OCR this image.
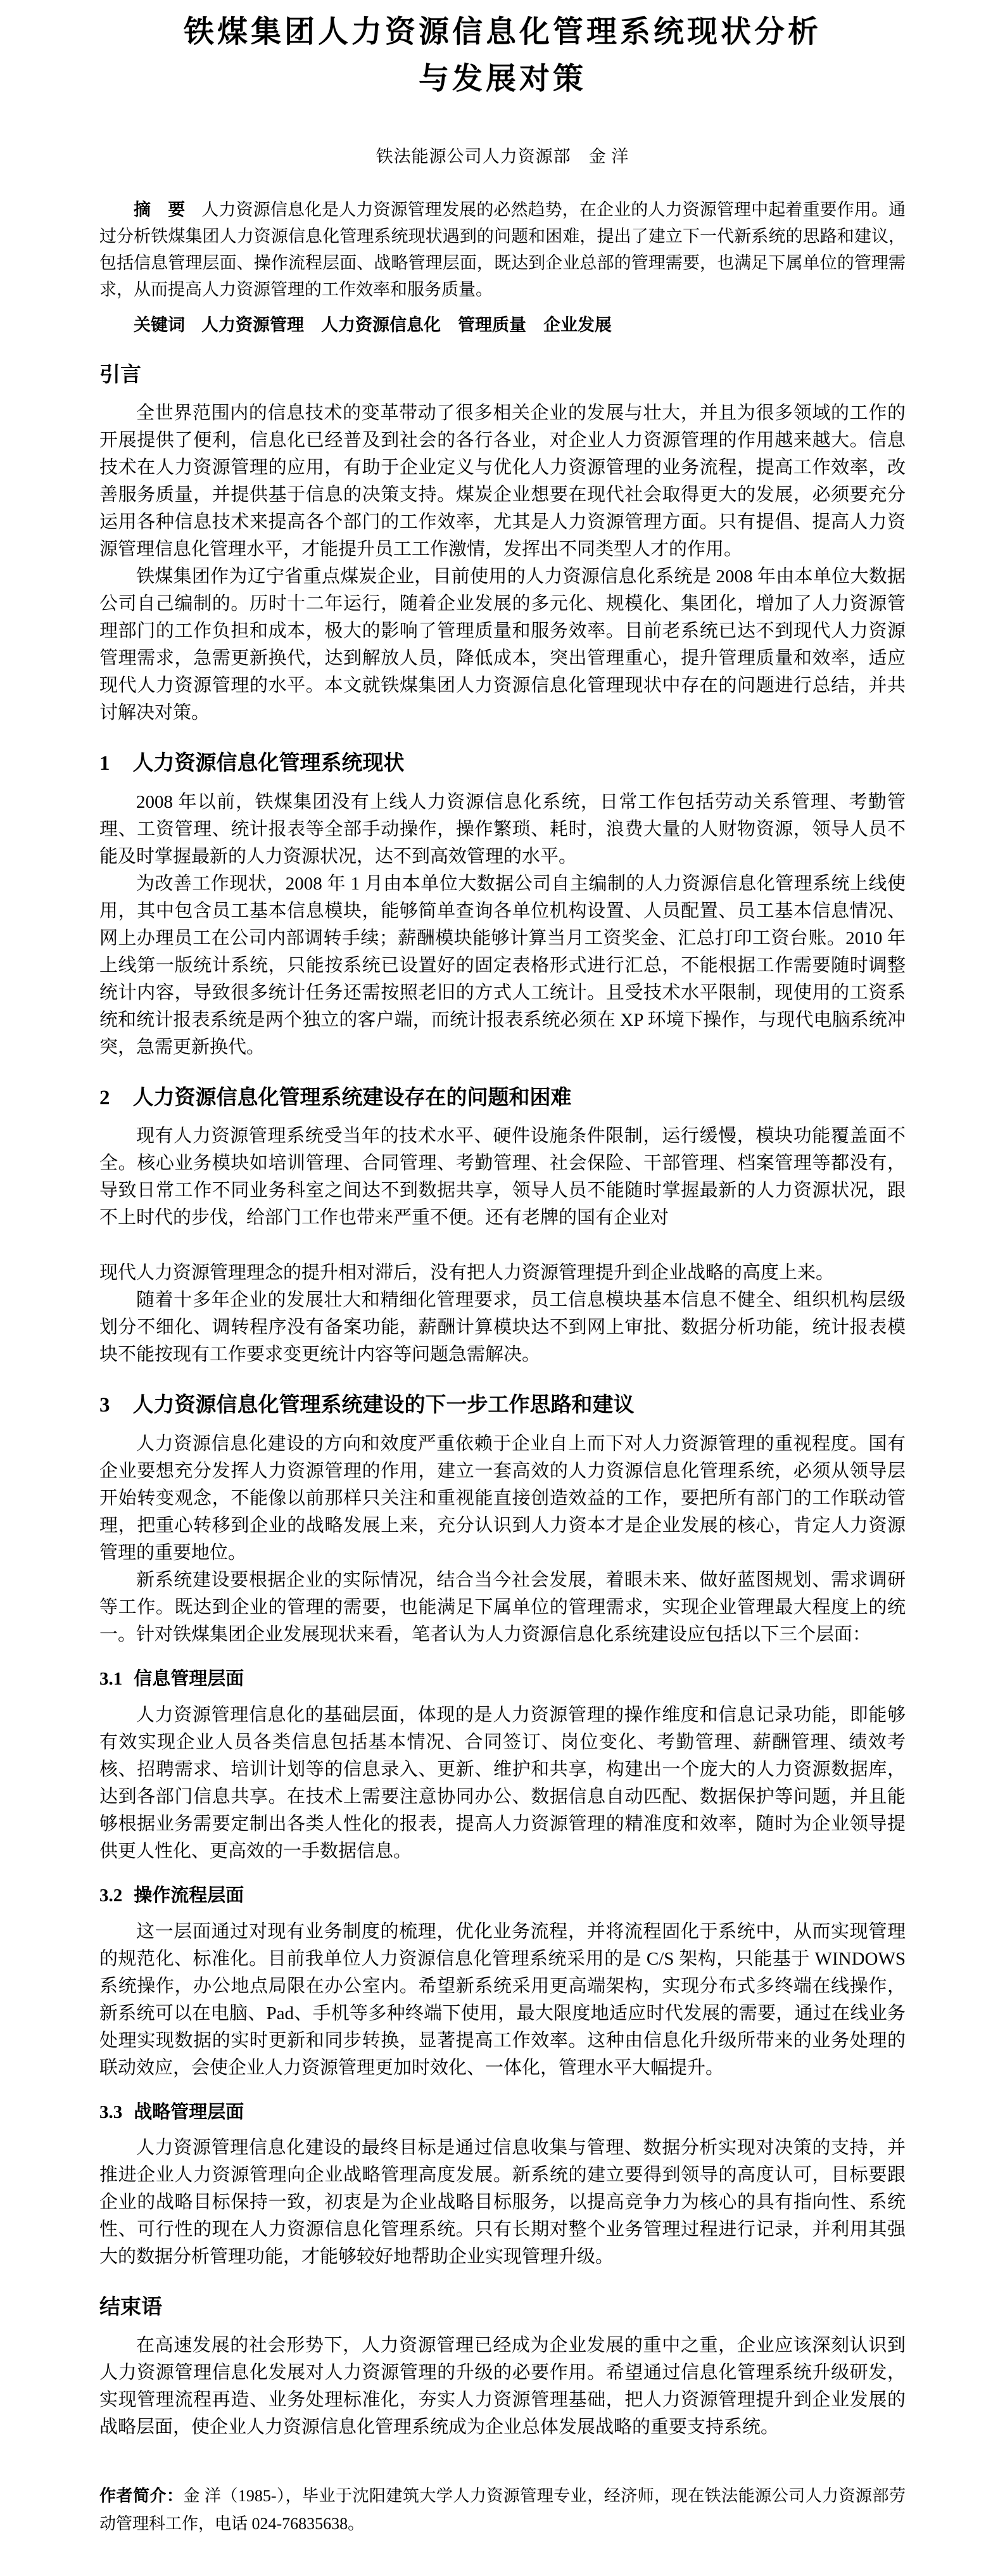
铁煤集团人力资源信息化管理系统现状分析与发展对策
铁法能源公司人力资源部　金 洋

摘　要 人力资源信息化是人力资源管理发展的必然趋势，在企业的人力资源管理中起着重要作用。通过分析铁煤集团人力资源信息化管理系统现状遇到的问题和困难，提出了建立下一代新系统的思路和建议，包括信息管理层面、操作流程层面、战略管理层面，既达到企业总部的管理需要，也满足下属单位的管理需求，从而提高人力资源管理的工作效率和服务质量。

关键词 人力资源管理　人力资源信息化　管理质量　企业发展

引言

全世界范围内的信息技术的变革带动了很多相关企业的发展与壮大，并且为很多领域的工作的开展提供了便利，信息化已经普及到社会的各行各业，对企业人力资源管理的作用越来越大。信息技术在人力资源管理的应用，有助于企业定义与优化人力资源管理的业务流程，提高工作效率，改善服务质量，并提供基于信息的决策支持。煤炭企业想要在现代社会取得更大的发展，必须要充分运用各种信息技术来提高各个部门的工作效率，尤其是人力资源管理方面。只有提倡、提高人力资源管理信息化管理水平，才能提升员工工作激情，发挥出不同类型人才的作用。

铁煤集团作为辽宁省重点煤炭企业，目前使用的人力资源信息化系统是 2008 年由本单位大数据公司自己编制的。历时十二年运行，随着企业发展的多元化、规模化、集团化，增加了人力资源管理部门的工作负担和成本，极大的影响了管理质量和服务效率。目前老系统已达不到现代人力资源管理需求，急需更新换代，达到解放人员，降低成本，突出管理重心，提升管理质量和效率，适应现代人力资源管理的水平。本文就铁煤集团人力资源信息化管理现状中存在的问题进行总结，并共讨解决对策。

1 人力资源信息化管理系统现状

2008 年以前，铁煤集团没有上线人力资源信息化系统，日常工作包括劳动关系管理、考勤管理、工资管理、统计报表等全部手动操作，操作繁琐、耗时，浪费大量的人财物资源，领导人员不能及时掌握最新的人力资源状况，达不到高效管理的水平。

为改善工作现状，2008 年 1 月由本单位大数据公司自主编制的人力资源信息化管理系统上线使用，其中包含员工基本信息模块，能够简单查询各单位机构设置、人员配置、员工基本信息情况、网上办理员工在公司内部调转手续；薪酬模块能够计算当月工资奖金、汇总打印工资台账。2010 年上线第一版统计系统，只能按系统已设置好的固定表格形式进行汇总，不能根据工作需要随时调整统计内容，导致很多统计任务还需按照老旧的方式人工统计。且受技术水平限制，现使用的工资系统和统计报表系统是两个独立的客户端，而统计报表系统必须在 XP 环境下操作，与现代电脑系统冲突，急需更新换代。

2 人力资源信息化管理系统建设存在的问题和困难

现有人力资源管理系统受当年的技术水平、硬件设施条件限制，运行缓慢，模块功能覆盖面不全。核心业务模块如培训管理、合同管理、考勤管理、社会保险、干部管理、档案管理等都没有，导致日常工作不同业务科室之间达不到数据共享，领导人员不能随时掌握最新的人力资源状况，跟不上时代的步伐，给部门工作也带来严重不便。还有老牌的国有企业对

现代人力资源管理理念的提升相对滞后，没有把人力资源管理提升到企业战略的高度上来。

随着十多年企业的发展壮大和精细化管理要求，员工信息模块基本信息不健全、组织机构层级划分不细化、调转程序没有备案功能，薪酬计算模块达不到网上审批、数据分析功能，统计报表模块不能按现有工作要求变更统计内容等问题急需解决。

3 人力资源信息化管理系统建设的下一步工作思路和建议

人力资源信息化建设的方向和效度严重依赖于企业自上而下对人力资源管理的重视程度。国有企业要想充分发挥人力资源管理的作用，建立一套高效的人力资源信息化管理系统，必须从领导层开始转变观念，不能像以前那样只关注和重视能直接创造效益的工作，要把所有部门的工作联动管理，把重心转移到企业的战略发展上来，充分认识到人力资本才是企业发展的核心，肯定人力资源管理的重要地位。

新系统建设要根据企业的实际情况，结合当今社会发展，着眼未来、做好蓝图规划、需求调研等工作。既达到企业的管理的需要，也能满足下属单位的管理需求，实现企业管理最大程度上的统一。针对铁煤集团企业发展现状来看，笔者认为人力资源信息化系统建设应包括以下三个层面：

3.1 信息管理层面

人力资源管理信息化的基础层面，体现的是人力资源管理的操作维度和信息记录功能，即能够有效实现企业人员各类信息包括基本情况、合同签订、岗位变化、考勤管理、薪酬管理、绩效考核、招聘需求、培训计划等的信息录入、更新、维护和共享，构建出一个庞大的人力资源数据库，达到各部门信息共享。在技术上需要注意协同办公、数据信息自动匹配、数据保护等问题，并且能够根据业务需要定制出各类人性化的报表，提高人力资源管理的精准度和效率，随时为企业领导提供更人性化、更高效的一手数据信息。

3.2 操作流程层面

这一层面通过对现有业务制度的梳理，优化业务流程，并将流程固化于系统中，从而实现管理的规范化、标准化。目前我单位人力资源信息化管理系统采用的是 C/S 架构，只能基于 WINDOWS 系统操作，办公地点局限在办公室内。希望新系统采用更高端架构，实现分布式多终端在线操作，新系统可以在电脑、Pad、手机等多种终端下使用，最大限度地适应时代发展的需要，通过在线业务处理实现数据的实时更新和同步转换，显著提高工作效率。这种由信息化升级所带来的业务处理的联动效应，会使企业人力资源管理更加时效化、一体化，管理水平大幅提升。

3.3 战略管理层面

人力资源管理信息化建设的最终目标是通过信息收集与管理、数据分析实现对决策的支持，并推进企业人力资源管理向企业战略管理高度发展。新系统的建立要得到领导的高度认可，目标要跟企业的战略目标保持一致，初衷是为企业战略目标服务，以提高竞争力为核心的具有指向性、系统性、可行性的现在人力资源信息化管理系统。只有长期对整个业务管理过程进行记录，并利用其强大的数据分析管理功能，才能够较好地帮助企业实现管理升级。

结束语

在高速发展的社会形势下，人力资源管理已经成为企业发展的重中之重，企业应该深刻认识到人力资源管理信息化发展对人力资源管理的升级的必要作用。希望通过信息化管理系统升级研发，实现管理流程再造、业务处理标准化，夯实人力资源管理基础，把人力资源管理提升到企业发展的战略层面，使企业人力资源信息化管理系统成为企业总体发展战略的重要支持系统。

作者简介：金 洋（1985-），毕业于沈阳建筑大学人力资源管理专业，经济师，现在铁法能源公司人力资源部劳动管理科工作，电话 024-76835638。
